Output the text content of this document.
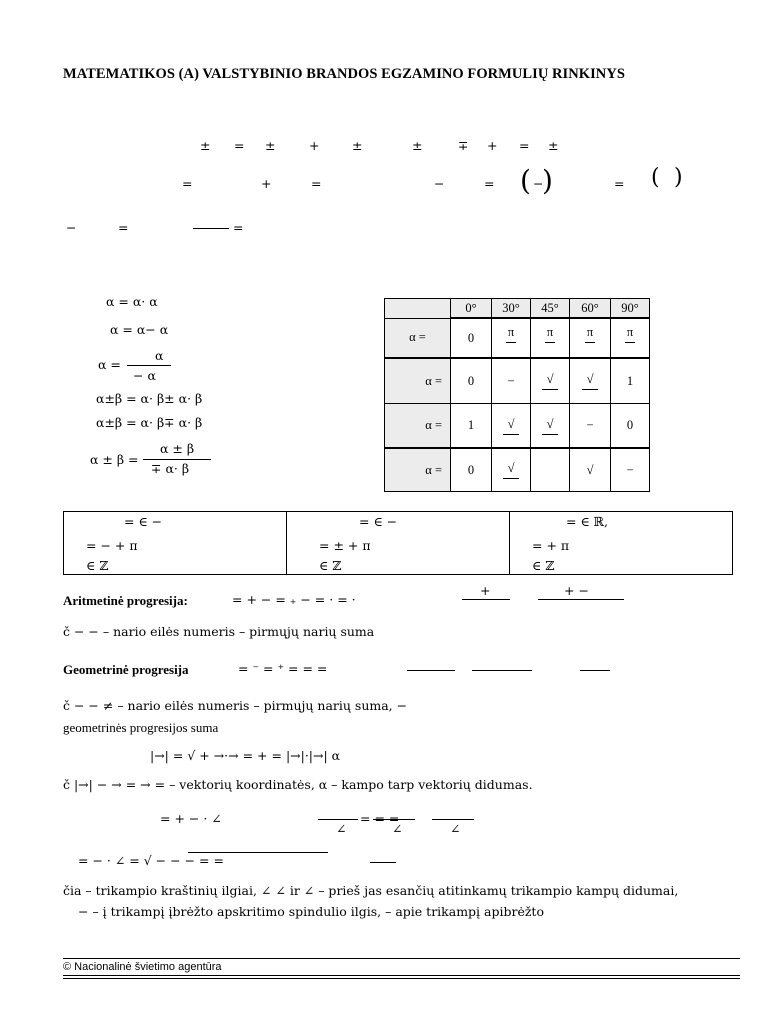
MATEMATIKOS (A) VALSTYBINIO BRANDOS EGZAMINO FORMULIŲ RINKINYS
± = ±	+	±	±	∓ + = ±
=	+	=	−	= ( −
)	= ( )
−	=	=
α = α· α
α = α− α
α
α =
− α
α±β = α· β± α· β
α±β = α· β∓ α· β
α ± β
α ± β =
∓ α· β
	0°	30°	45°	60°	90°
α =	0	π	π	π	π

α =	0	−	√	√	1
α =	1	√	√	−	0
α =	0	√		√	−
= ∈ −
= − + π
∈ ℤ

= ∈ −
= ± + π
∈ ℤ

= ∈ ℝ,
= + π
∈ ℤ
Aritmetinė progresija:	= + − = ₊ − = · = ·
+	+ −
č − − – nario eilės numeris – pirmųjų narių suma
Geometrinė progresija	= ⁻ = ⁺ = = =
č − − ≠ – nario eilės numeris – pirmųjų narių suma, −
geometrinės progresijos suma
|→| = √ + →·→ = + = |→|·|→| α
č |→| − → = → = – vektorių koordinatės, α – kampo tarp vektorių didumas.
= + − · ∠
∠
= = =
∠	∠
= − · ∠ = √ − − − = =
čia – trikampio kraštinių ilgiai, ∠ ∠ ir ∠ – prieš jas esančių atitinkamų trikampio kampų didumai,
− – į trikampį įbrėžto apskritimo spindulio ilgis, – apie trikampį apibrėžto
© Nacionalinė švietimo agentūra
